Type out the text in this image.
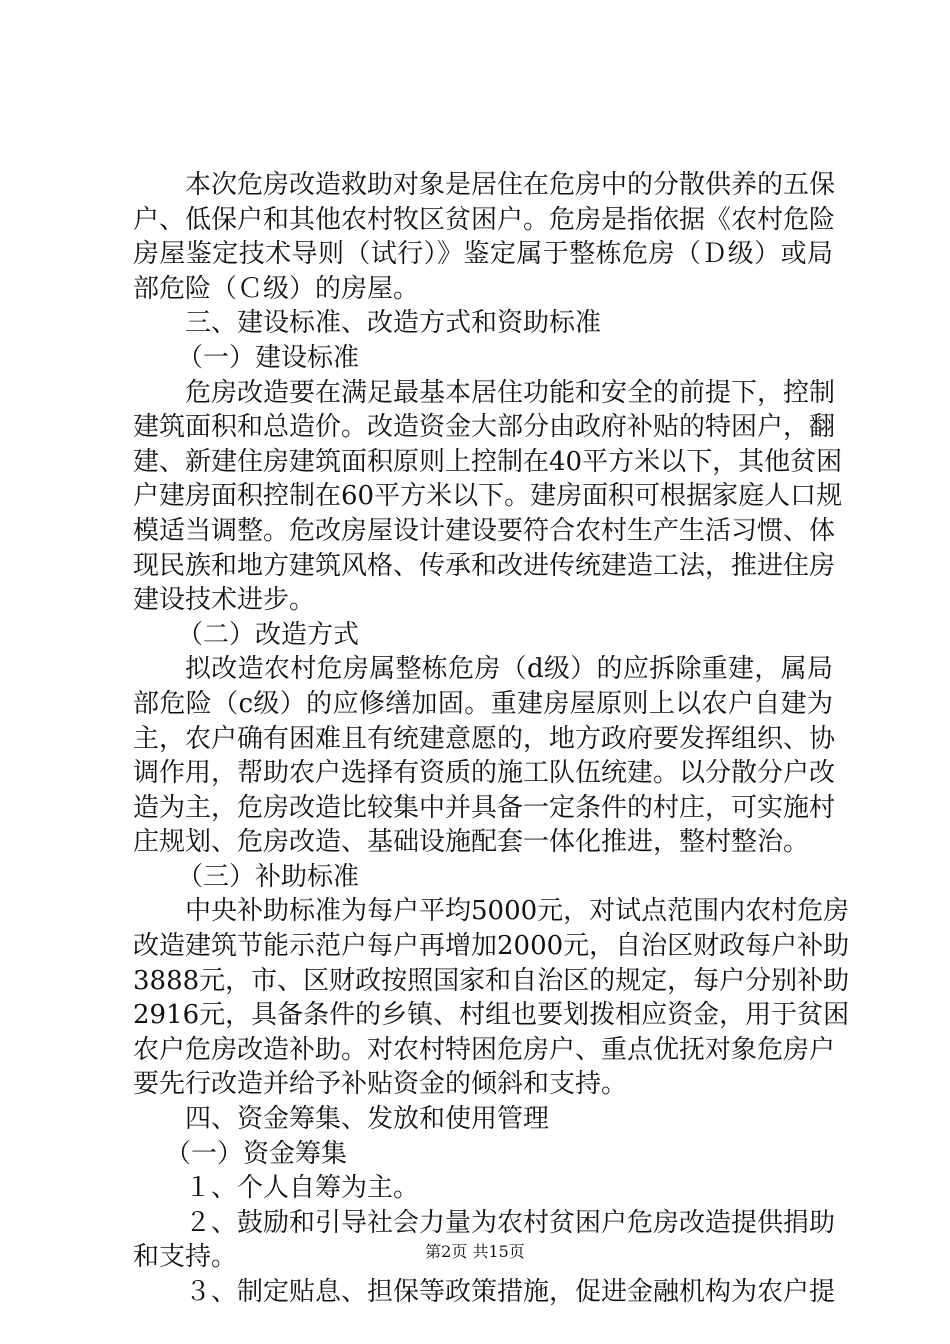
本次危房改造救助对象是居住在危房中的分散供养的五保
户、低保户和其他农村牧区贫困户。危房是指依据《农村危险
房屋鉴定技术导则（试行）》鉴定属于整栋危房（Ｄ级）或局
部危险（Ｃ级）的房屋。
三、建设标准、改造方式和资助标准
（一）建设标准
危房改造要在满足最基本居住功能和安全的前提下，控制
建筑面积和总造价。改造资金大部分由政府补贴的特困户，翻
建、新建住房建筑面积原则上控制在40平方米以下，其他贫困
户建房面积控制在60平方米以下。建房面积可根据家庭人口规
模适当调整。危改房屋设计建设要符合农村生产生活习惯、体
现民族和地方建筑风格、传承和改进传统建造工法，推进住房
建设技术进步。
（二）改造方式
拟改造农村危房属整栋危房（d级）的应拆除重建，属局
部危险（c级）的应修缮加固。重建房屋原则上以农户自建为
主，农户确有困难且有统建意愿的，地方政府要发挥组织、协
调作用，帮助农户选择有资质的施工队伍统建。以分散分户改
造为主，危房改造比较集中并具备一定条件的村庄，可实施村
庄规划、危房改造、基础设施配套一体化推进，整村整治。
（三）补助标准
中央补助标准为每户平均5000元，对试点范围内农村危房
改造建筑节能示范户每户再增加2000元，自治区财政每户补助
3888元，市、区财政按照国家和自治区的规定，每户分别补助
2916元，具备条件的乡镇、村组也要划拨相应资金，用于贫困
农户危房改造补助。对农村特困危房户、重点优抚对象危房户
要先行改造并给予补贴资金的倾斜和支持。
四、资金筹集、发放和使用管理
（一）资金筹集
１、个人自筹为主。
２、鼓励和引导社会力量为农村贫困户危房改造提供捐助
和支持。
３、制定贴息、担保等政策措施，促进金融机构为农户提
第2页 共15页
